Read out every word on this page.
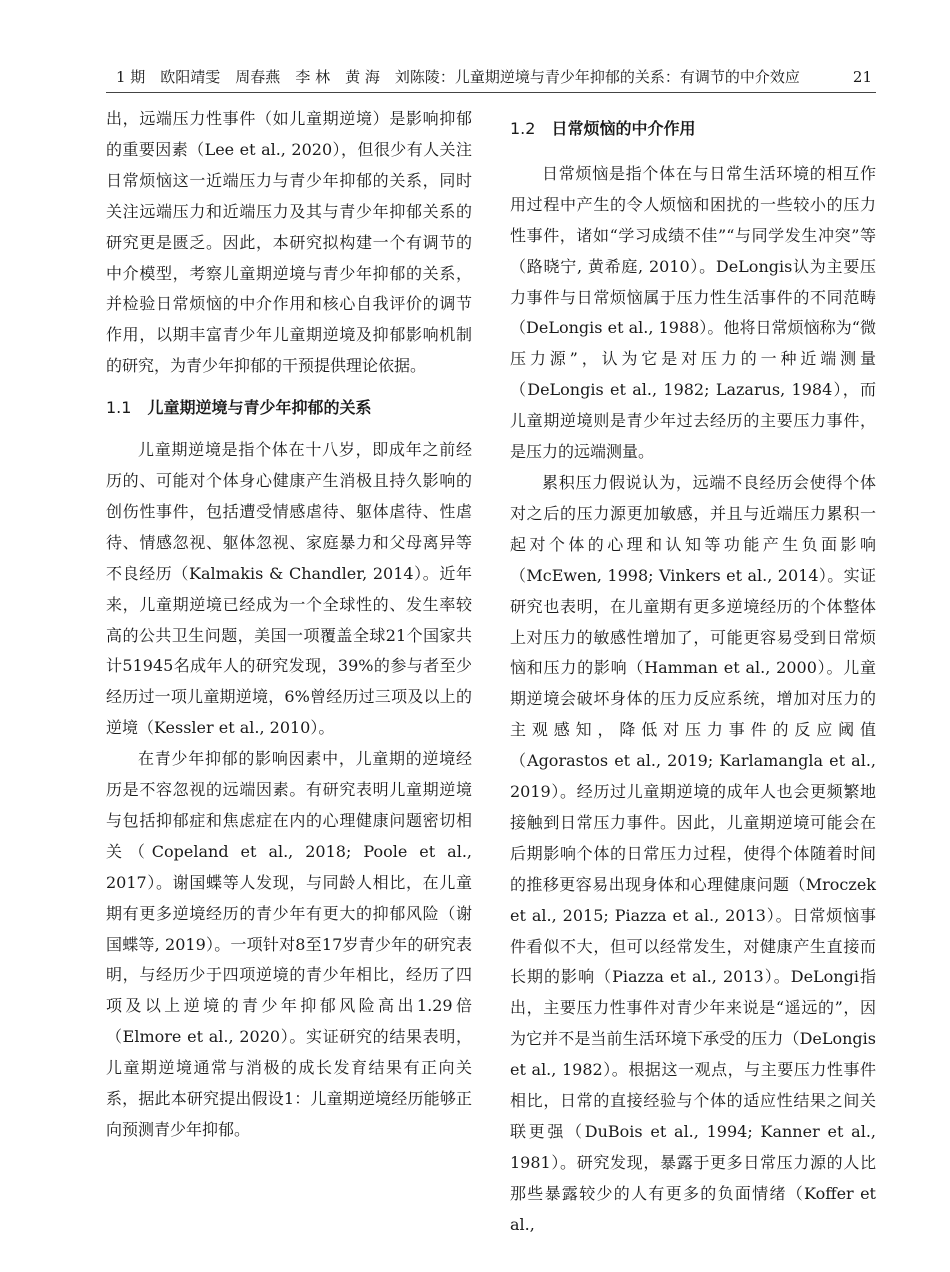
1 期　欧阳靖雯　周春燕　李 林　黄 海　刘陈陵：儿童期逆境与青少年抑郁的关系：有调节的中介效应	21

出，远端压力性事件（如儿童期逆境）是影响抑郁的重要因素（Lee et al., 2020），但很少有人关注日常烦恼这一近端压力与青少年抑郁的关系，同时关注远端压力和近端压力及其与青少年抑郁关系的研究更是匮乏。因此，本研究拟构建一个有调节的中介模型，考察儿童期逆境与青少年抑郁的关系，并检验日常烦恼的中介作用和核心自我评价的调节作用，以期丰富青少年儿童期逆境及抑郁影响机制的研究，为青少年抑郁的干预提供理论依据。

1.1 儿童期逆境与青少年抑郁的关系

儿童期逆境是指个体在十八岁，即成年之前经历的、可能对个体身心健康产生消极且持久影响的创伤性事件，包括遭受情感虐待、躯体虐待、性虐待、情感忽视、躯体忽视、家庭暴力和父母离异等不良经历（Kalmakis & Chandler, 2014）。近年来，儿童期逆境已经成为一个全球性的、发生率较高的公共卫生问题，美国一项覆盖全球21个国家共计51945名成年人的研究发现，39%的参与者至少经历过一项儿童期逆境，6%曾经历过三项及以上的逆境（Kessler et al., 2010）。

在青少年抑郁的影响因素中，儿童期的逆境经历是不容忽视的远端因素。有研究表明儿童期逆境与包括抑郁症和焦虑症在内的心理健康问题密切相关（Copeland et al., 2018; Poole et al., 2017）。谢国蝶等人发现，与同龄人相比，在儿童期有更多逆境经历的青少年有更大的抑郁风险（谢国蝶等, 2019）。一项针对8至17岁青少年的研究表明，与经历少于四项逆境的青少年相比，经历了四项及以上逆境的青少年抑郁风险高出1.29倍（Elmore et al., 2020）。实证研究的结果表明，儿童期逆境通常与消极的成长发育结果有正向关系，据此本研究提出假设1：儿童期逆境经历能够正向预测青少年抑郁。

1.2 日常烦恼的中介作用

日常烦恼是指个体在与日常生活环境的相互作用过程中产生的令人烦恼和困扰的一些较小的压力性事件，诸如“学习成绩不佳”“与同学发生冲突”等（路晓宁, 黄希庭, 2010）。DeLongis认为主要压力事件与日常烦恼属于压力性生活事件的不同范畴（DeLongis et al., 1988）。他将日常烦恼称为“微压力源”，认为它是对压力的一种近端测量（DeLongis et al., 1982; Lazarus, 1984），而儿童期逆境则是青少年过去经历的主要压力事件，是压力的远端测量。

累积压力假说认为，远端不良经历会使得个体对之后的压力源更加敏感，并且与近端压力累积一起对个体的心理和认知等功能产生负面影响（McEwen, 1998; Vinkers et al., 2014）。实证研究也表明，在儿童期有更多逆境经历的个体整体上对压力的敏感性增加了，可能更容易受到日常烦恼和压力的影响（Hamman et al., 2000）。儿童期逆境会破坏身体的压力反应系统，增加对压力的主观感知，降低对压力事件的反应阈值（Agorastos et al., 2019; Karlamangla et al., 2019）。经历过儿童期逆境的成年人也会更频繁地接触到日常压力事件。因此，儿童期逆境可能会在后期影响个体的日常压力过程，使得个体随着时间的推移更容易出现身体和心理健康问题（Mroczek et al., 2015; Piazza et al., 2013）。日常烦恼事件看似不大，但可以经常发生，对健康产生直接而长期的影响（Piazza et al., 2013）。DeLongi指出，主要压力性事件对青少年来说是“遥远的”，因为它并不是当前生活环境下承受的压力（DeLongis et al., 1982）。根据这一观点，与主要压力性事件相比，日常的直接经验与个体的适应性结果之间关联更强（DuBois et al., 1994; Kanner et al., 1981）。研究发现，暴露于更多日常压力源的人比那些暴露较少的人有更多的负面情绪（Koffer et al.,
